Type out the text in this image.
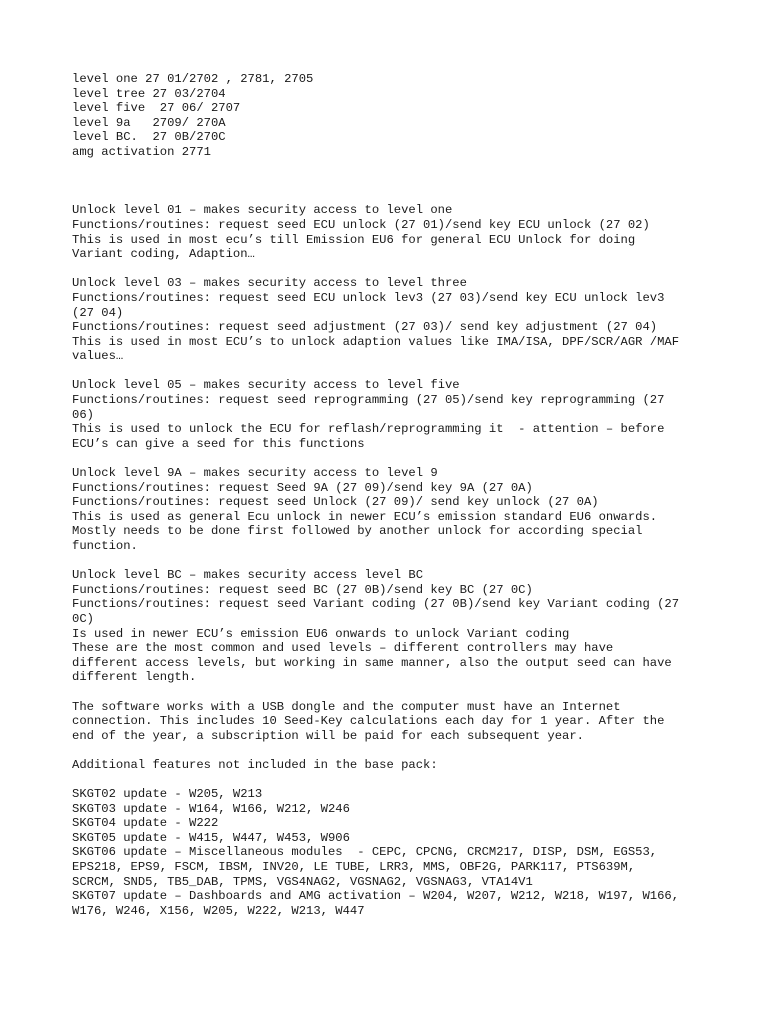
level one 27 01/2702 , 2781, 2705
level tree 27 03/2704
level five  27 06/ 2707
level 9a   2709/ 270A
level BC.  27 0B/270C
amg activation 2771
Unlock level 01 – makes security access to level one
Functions/routines: request seed ECU unlock (27 01)/send key ECU unlock (27 02)
This is used in most ecu’s till Emission EU6 for general ECU Unlock for doing
Variant coding, Adaption…
Unlock level 03 – makes security access to level three
Functions/routines: request seed ECU unlock lev3 (27 03)/send key ECU unlock lev3
(27 04)
Functions/routines: request seed adjustment (27 03)/ send key adjustment (27 04)
This is used in most ECU’s to unlock adaption values like IMA/ISA, DPF/SCR/AGR /MAF
values…
Unlock level 05 – makes security access to level five
Functions/routines: request seed reprogramming (27 05)/send key reprogramming (27
06)
This is used to unlock the ECU for reflash/reprogramming it  - attention – before
ECU’s can give a seed for this functions
Unlock level 9A – makes security access to level 9
Functions/routines: request Seed 9A (27 09)/send key 9A (27 0A)
Functions/routines: request seed Unlock (27 09)/ send key unlock (27 0A)
This is used as general Ecu unlock in newer ECU’s emission standard EU6 onwards.
Mostly needs to be done first followed by another unlock for according special
function.
Unlock level BC – makes security access level BC
Functions/routines: request seed BC (27 0B)/send key BC (27 0C)
Functions/routines: request seed Variant coding (27 0B)/send key Variant coding (27
0C)
Is used in newer ECU’s emission EU6 onwards to unlock Variant coding
These are the most common and used levels – different controllers may have
different access levels, but working in same manner, also the output seed can have
different length.
The software works with a USB dongle and the computer must have an Internet
connection. This includes 10 Seed-Key calculations each day for 1 year. After the
end of the year, a subscription will be paid for each subsequent year.
Additional features not included in the base pack:
SKGT02 update - W205, W213
SKGT03 update - W164, W166, W212, W246
SKGT04 update - W222
SKGT05 update - W415, W447, W453, W906
SKGT06 update – Miscellaneous modules  - CEPC, CPCNG, CRCM217, DISP, DSM, EGS53,
EPS218, EPS9, FSCM, IBSM, INV20, LE TUBE, LRR3, MMS, OBF2G, PARK117, PTS639M,
SCRCM, SND5, TB5_DAB, TPMS, VGS4NAG2, VGSNAG2, VGSNAG3, VTA14V1
SKGT07 update – Dashboards and AMG activation – W204, W207, W212, W218, W197, W166,
W176, W246, X156, W205, W222, W213, W447
